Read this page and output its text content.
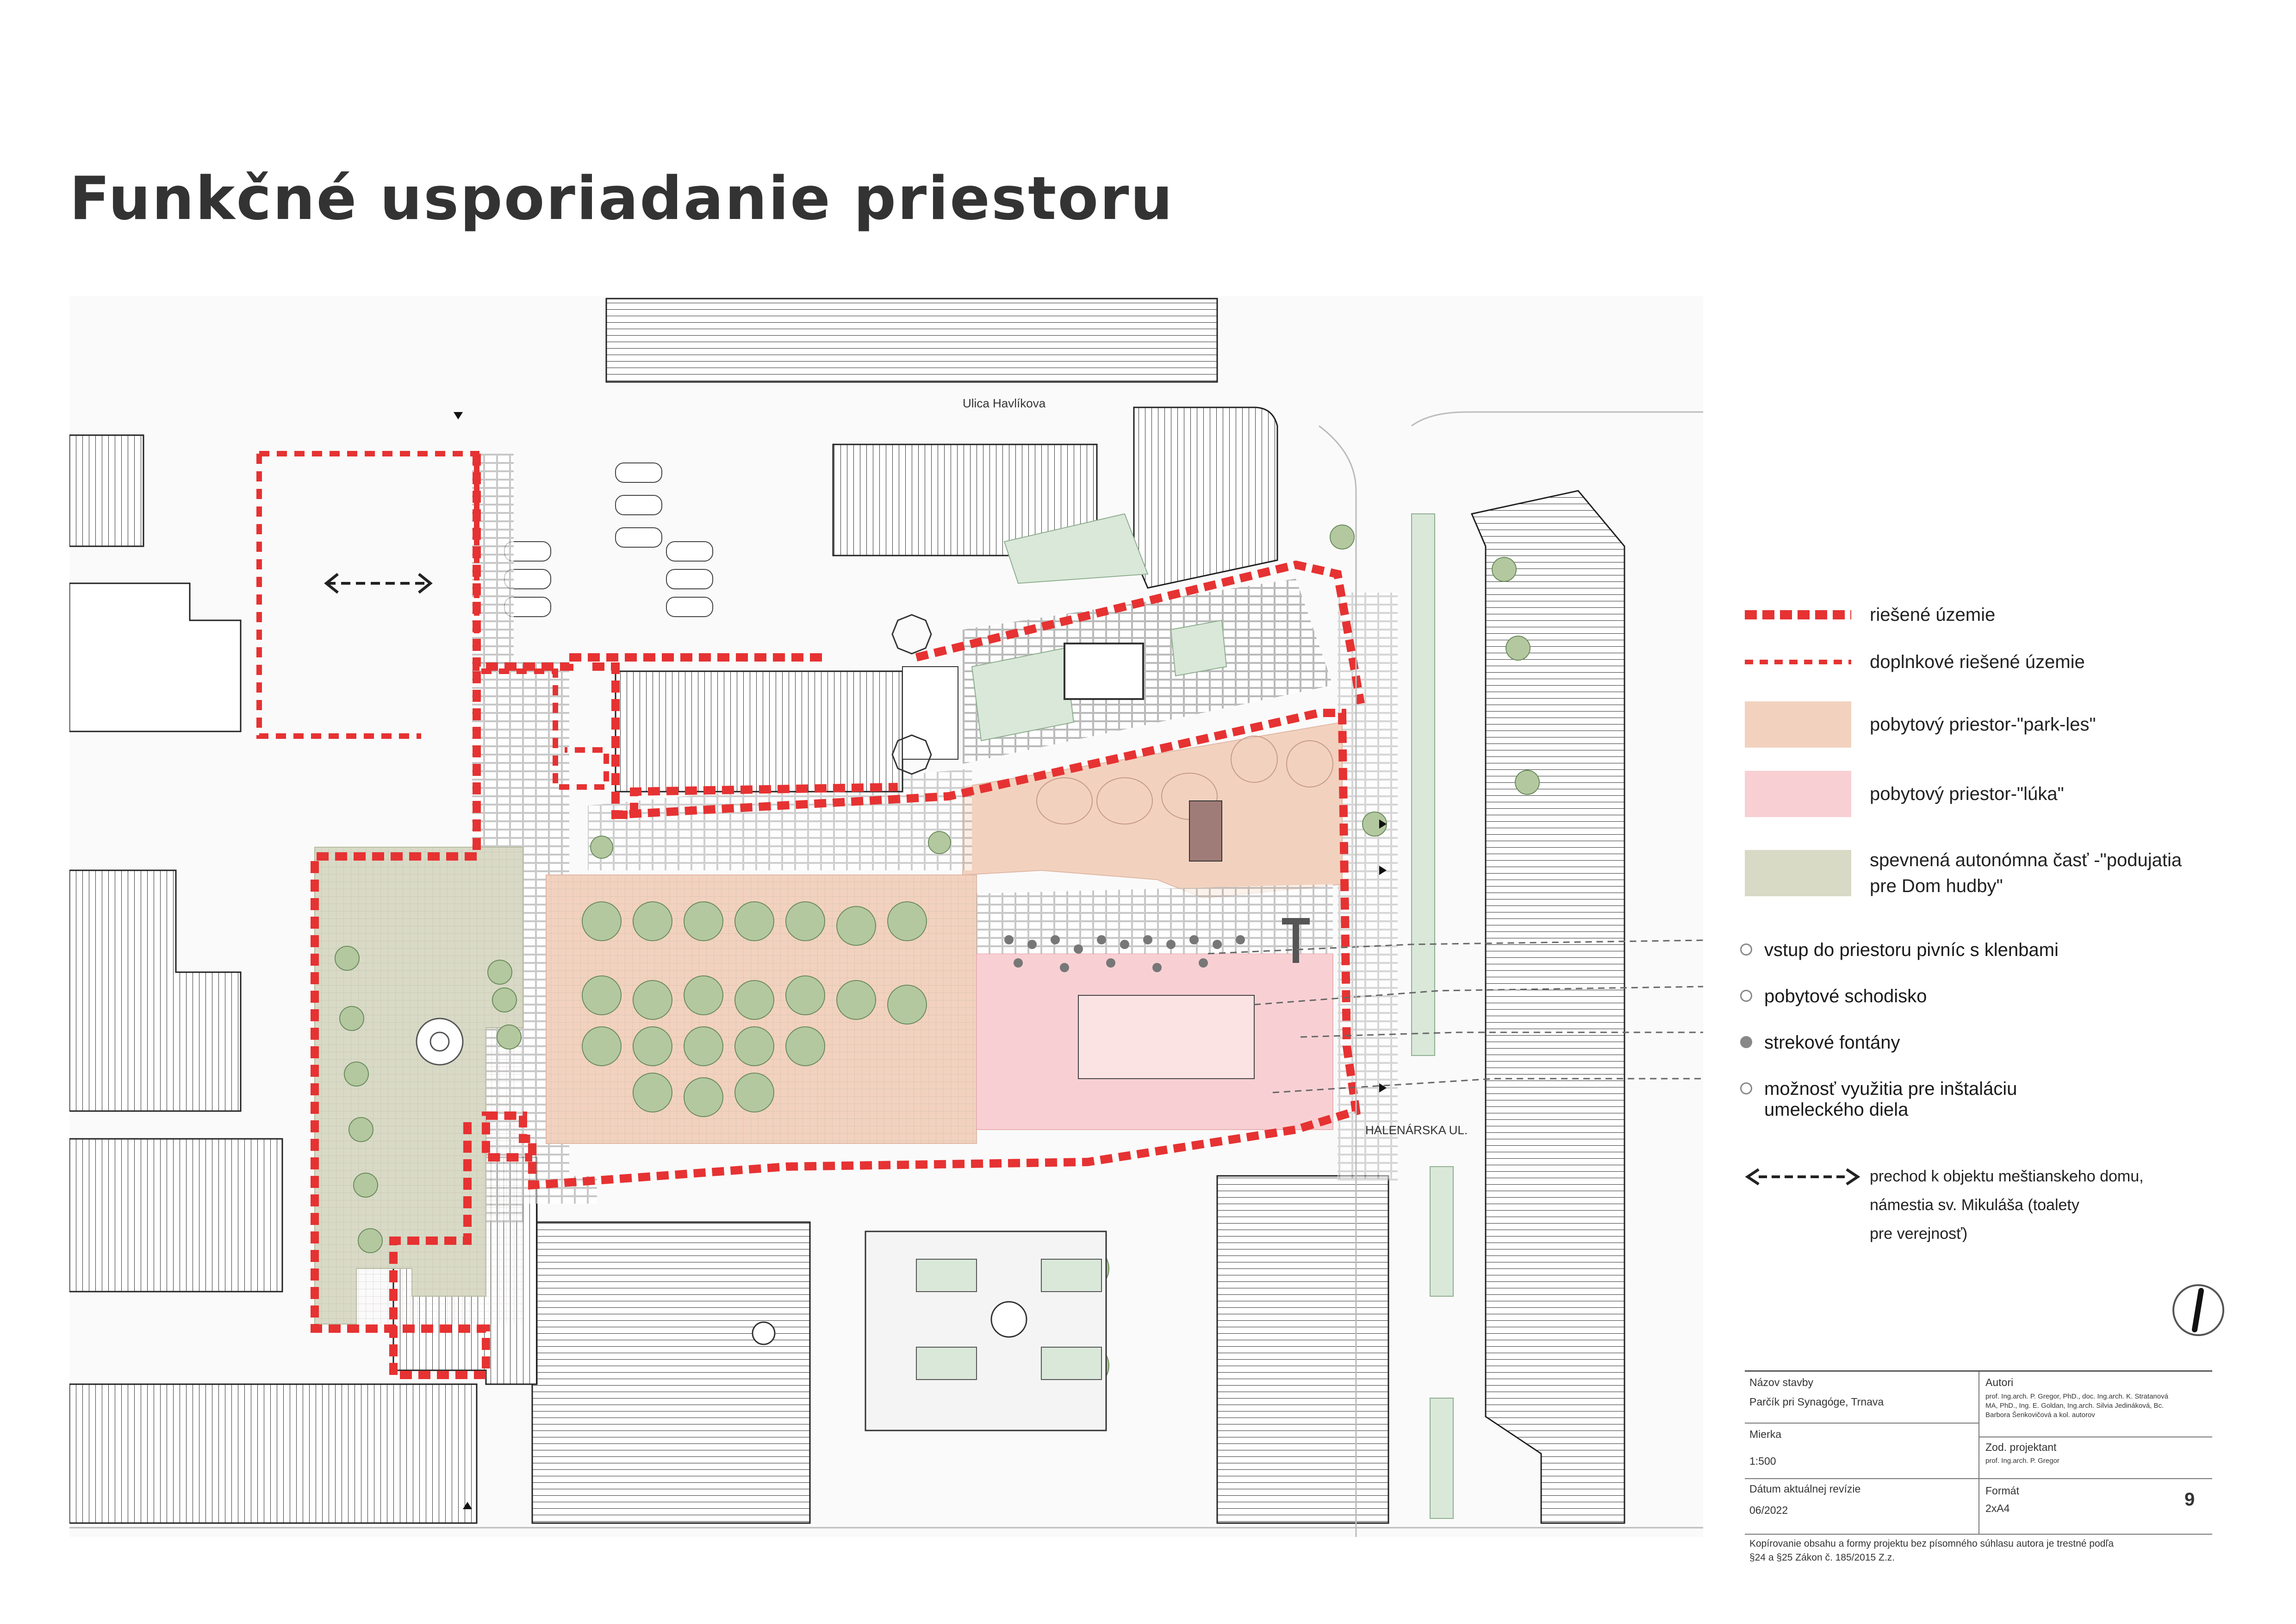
Funkčné usporiadanie priestoru
Ulica Havlíkova
HALENÁRSKA UL.
riešené územie
doplnkové riešené územie
pobytový priestor-"park-les"
pobytový priestor-"lúka"
spevnená autonómna časť -"podujatia
pre Dom hudby"
vstup do priestoru pivníc s klenbami
pobytové schodisko
strekové fontány
možnosť využitia pre inštaláciu
umeleckého diela
prechod k objektu meštianskeho domu,
námestia sv. Mikuláša (toalety
pre verejnosť)
Názov stavby
Parčík pri Synagóge, Trnava
Autori
prof. Ing.arch. P. Gregor, PhD., doc. Ing.arch. K. Stratanová
MA, PhD., Ing. E. Goldan, Ing.arch. Silvia Jedináková, Bc.
Barbora Šenkovičová a kol. autorov
Mierka
1:500
Zod. projektant
prof. Ing.arch. P. Gregor
Dátum aktuálnej revízie
06/2022
Formát
2xA4	9
Kopírovanie obsahu a formy projektu bez písomného súhlasu autora je trestné podľa
§24 a §25 Zákon č. 185/2015 Z.z.
